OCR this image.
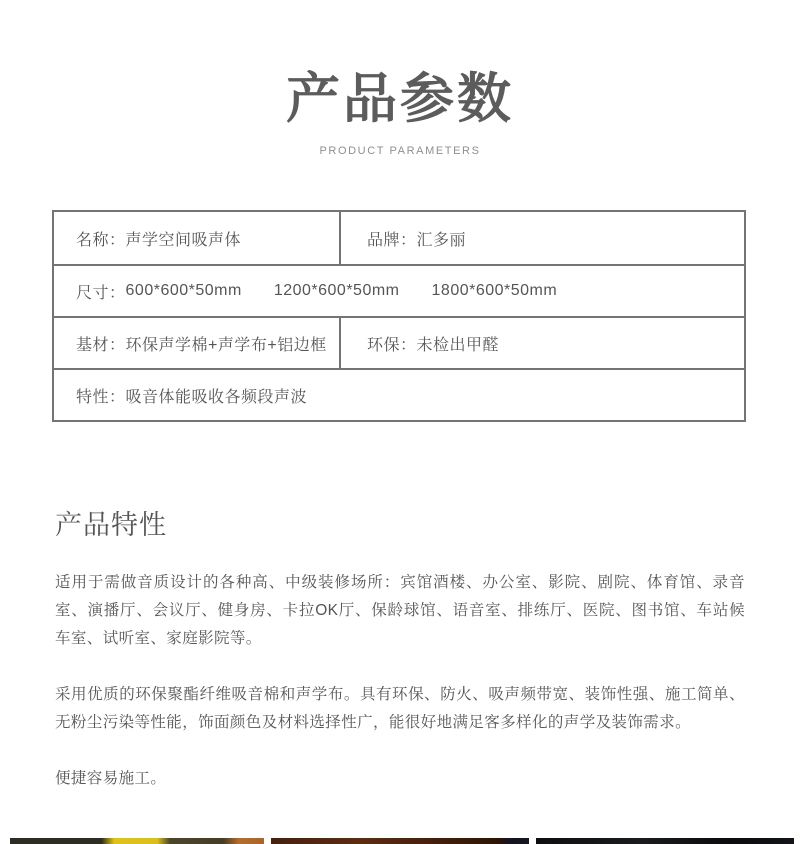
产品参数
PRODUCT PARAMETERS
名称： 声学空间吸声体	品牌： 汇多丽
尺寸： 600*600*50mm 1200*600*50mm 1800*600*50mm
基材： 环保声学棉+声学布+铝边框	环保： 未检出甲醛
特性： 吸音体能吸收各频段声波
产品特性

适用于需做音质设计的各种高、中级装修场所：宾馆酒楼、办公室、影院、剧院、体育馆、录音室、演播厅、会议厅、健身房、卡拉OK厅、保龄球馆、语音室、排练厅、医院、图书馆、车站候车室、试听室、家庭影院等。

采用优质的环保聚酯纤维吸音棉和声学布。具有环保、防火、吸声频带宽、装饰性强、施工简单、无粉尘污染等性能，饰面颜色及材料选择性广，能很好地满足客多样化的声学及装饰需求。

便捷容易施工。
